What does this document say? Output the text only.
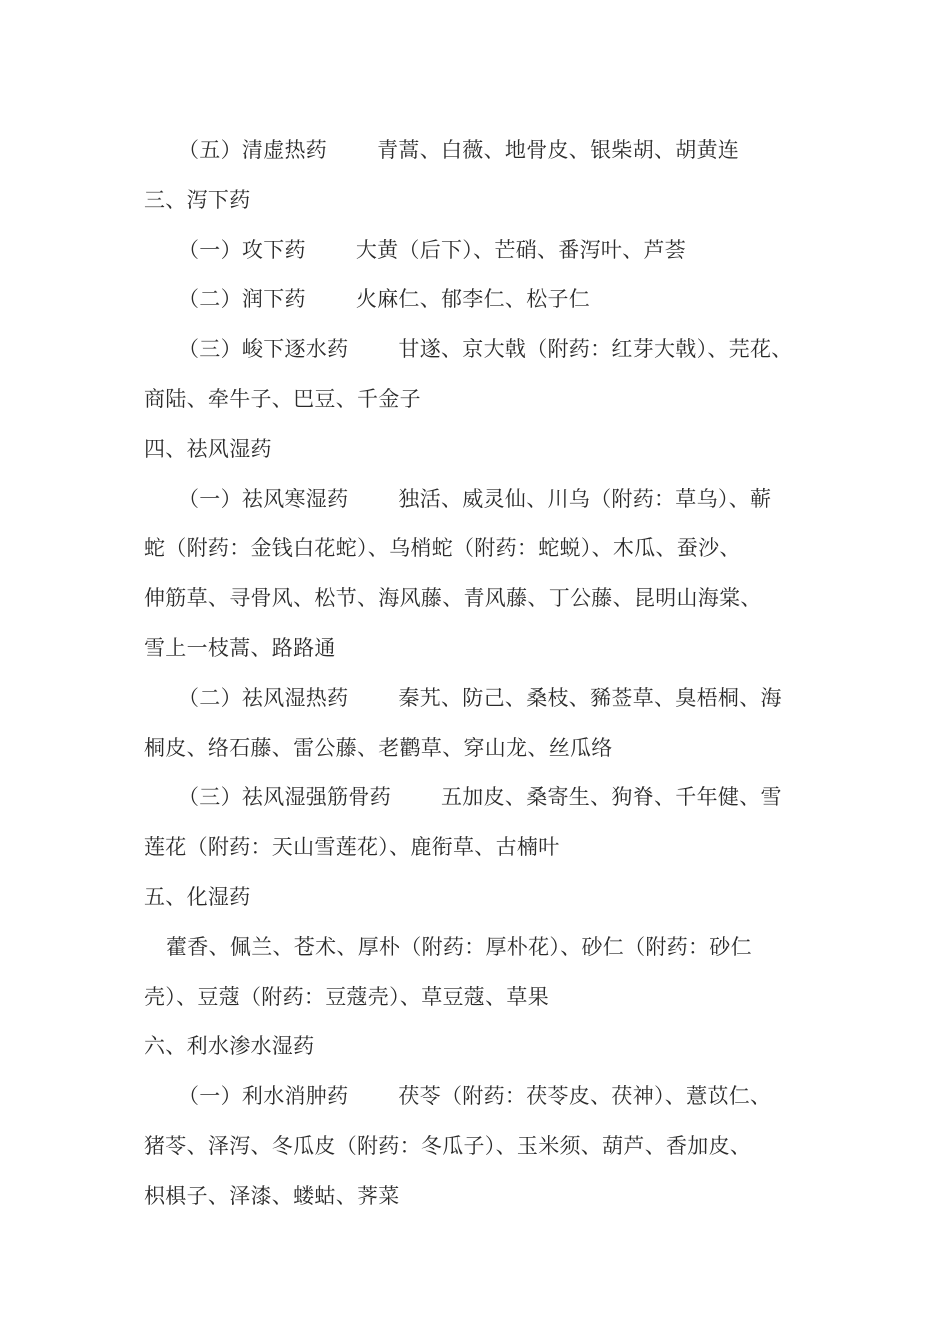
（五）清虚热药 青蒿、白薇、地骨皮、银柴胡、胡黄连
三、泻下药
（一）攻下药 大黄（后下）、芒硝、番泻叶、芦荟
（二）润下药 火麻仁、郁李仁、松子仁
（三）峻下逐水药 甘遂、京大戟（附药：红芽大戟）、芫花、
商陆、牵牛子、巴豆、千金子
四、祛风湿药
（一）祛风寒湿药 独活、威灵仙、川乌（附药：草乌）、蕲
蛇（附药：金钱白花蛇）、乌梢蛇（附药：蛇蜕）、木瓜、蚕沙、
伸筋草、寻骨风、松节、海风藤、青风藤、丁公藤、昆明山海棠、
雪上一枝蒿、路路通
（二）祛风湿热药 秦艽、防己、桑枝、豨莶草、臭梧桐、海
桐皮、络石藤、雷公藤、老鹳草、穿山龙、丝瓜络
（三）祛风湿强筋骨药 五加皮、桑寄生、狗脊、千年健、雪
莲花（附药：天山雪莲花）、鹿衔草、古楠叶
五、化湿药
藿香、佩兰、苍术、厚朴（附药：厚朴花）、砂仁（附药：砂仁
壳）、豆蔻（附药：豆蔻壳）、草豆蔻、草果
六、利水渗水湿药
（一）利水消肿药 茯苓（附药：茯苓皮、茯神）、薏苡仁、
猪苓、泽泻、冬瓜皮（附药：冬瓜子）、玉米须、葫芦、香加皮、
枳椇子、泽漆、蝼蛄、荠菜
